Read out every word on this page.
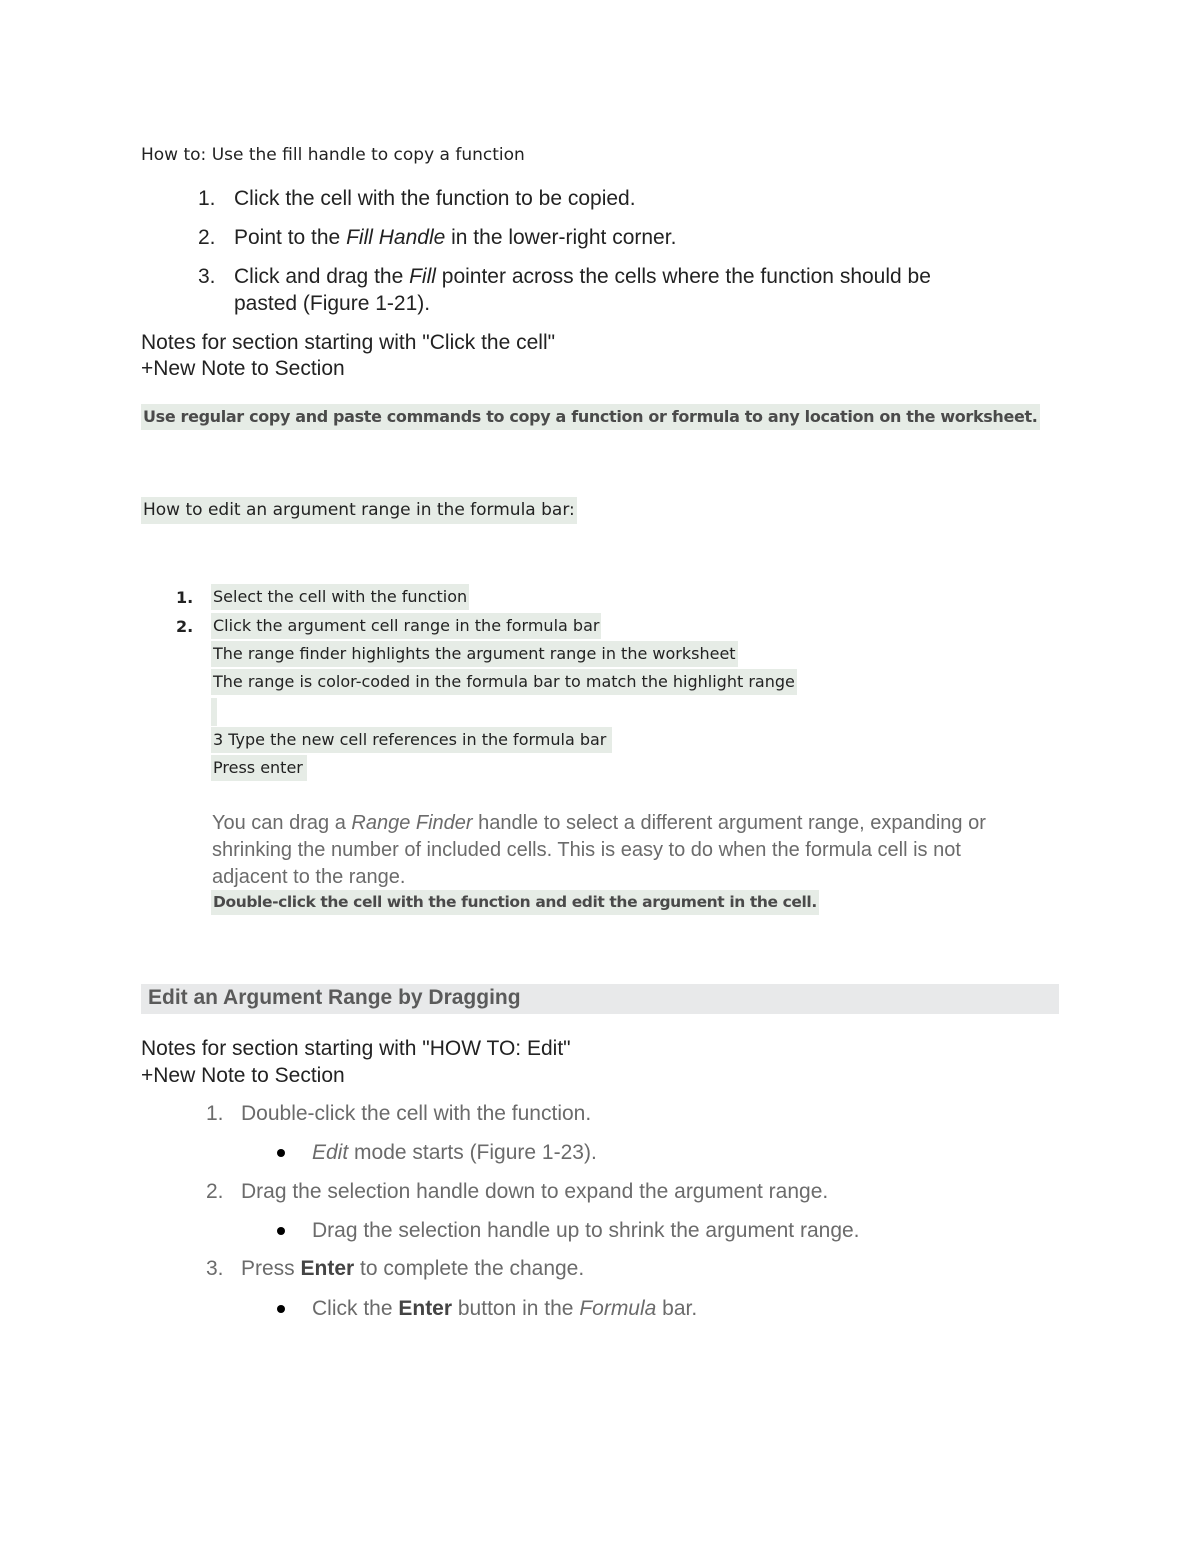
How to: Use the fill handle to copy a function
1. Click the cell with the function to be copied.
2. Point to the Fill Handle in the lower-right corner.
3. Click and drag the Fill pointer across the cells where the function should be
pasted (Figure 1-21).
Notes for section starting with "Click the cell"
+New Note to Section
Use regular copy and paste commands to copy a function or formula to any location on the worksheet.
How to edit an argument range in the formula bar:
1. Select the cell with the function
2. Click the argument cell range in the formula bar
The range finder highlights the argument range in the worksheet
The range is color-coded in the formula bar to match the highlight range
3 Type the new cell references in the formula bar
Press enter
You can drag a Range Finder handle to select a different argument range, expanding or
shrinking the number of included cells. This is easy to do when the formula cell is not
adjacent to the range.
Double-click the cell with the function and edit the argument in the cell.
Edit an Argument Range by Dragging
Notes for section starting with "HOW TO: Edit"
+New Note to Section
1. Double-click the cell with the function.
Edit mode starts (Figure 1-23).
2. Drag the selection handle down to expand the argument range.
Drag the selection handle up to shrink the argument range.
3. Press Enter to complete the change.
Click the Enter button in the Formula bar.
